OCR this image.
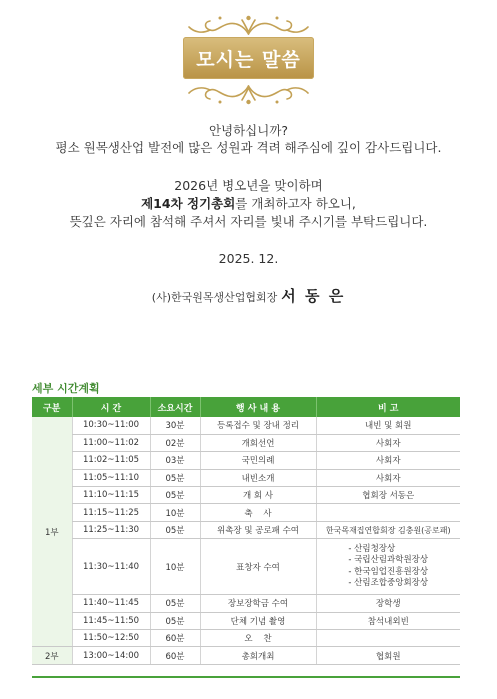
모시는 말씀
안녕하십니까?
평소 원목생산업 발전에 많은 성원과 격려 해주심에 깊이 감사드립니다.
2026년 병오년을 맞이하며
제14차 정기총회를 개최하고자 하오니,
뜻깊은 자리에 참석해 주셔서 자리를 빛내 주시기를 부탁드립니다.
2025. 12.
(사)한국원목생산업협회장 서 동 은
세부 시간계획
구분	시 간	소요시간	행 사 내 용	비 고
1부	10:30~11:00	30분	등록접수 및 장내 정리	내빈 및 회원
	11:00~11:02	02분	개회선언	사회자
	11:02~11:05	03분	국민의례	사회자
	11:05~11:10	05분	내빈소개	사회자
	11:10~11:15	05분	개 회 사	협회장 서동은
	11:15~11:25	10분	축    사	
	11:25~11:30	05분	위촉장 및 공로패 수여	한국목재집연합회장 김충원(공로패)
	11:30~11:40	10분	표창자 수여	- 산림청장상
- 국립산림과학원장상
- 한국임업진흥원장상
- 산림조합중앙회장상

	11:40~11:45	05분	장보장학금 수여	장학생
	11:45~11:50	05분	단체 기념 촬영	참석내외빈
	11:50~12:50	60분	오    찬	
2부	13:00~14:00	60분	총회개최	협회원
